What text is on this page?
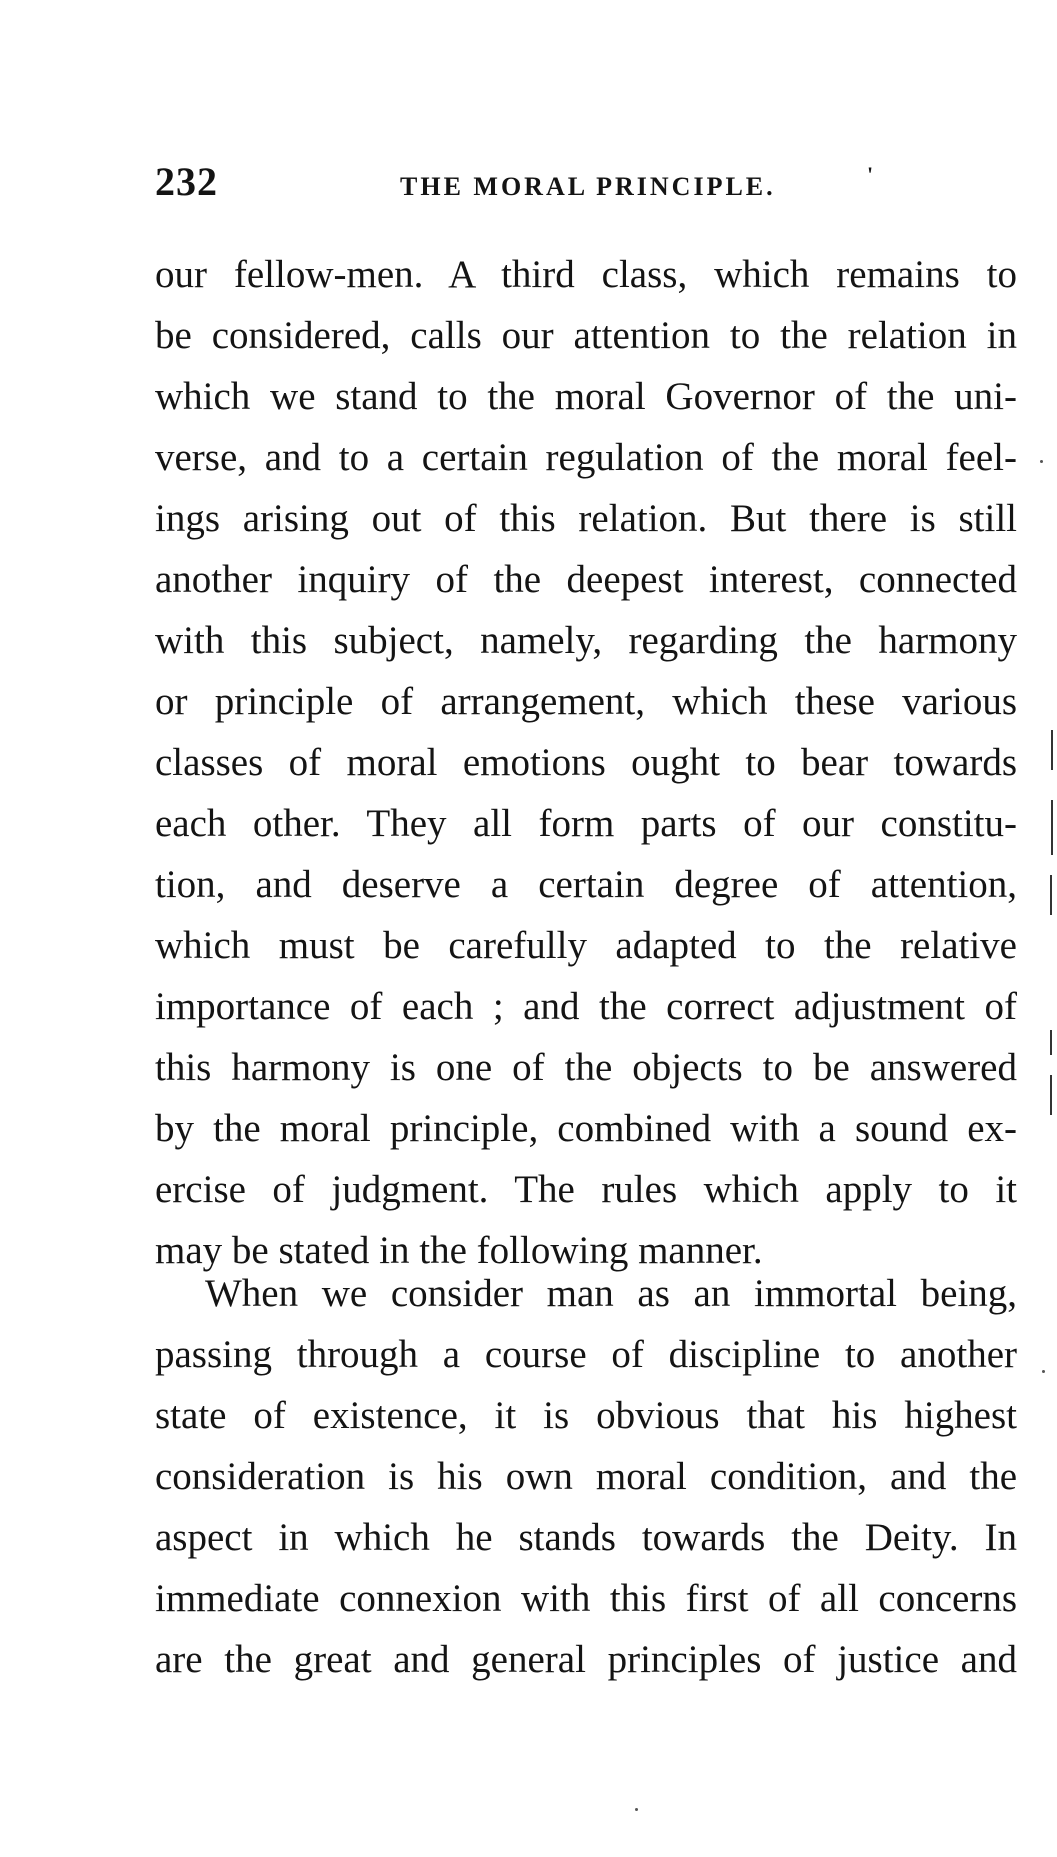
232	THE MORAL PRINCIPLE.	'
our fellow-men. A third class, which remains to
be considered, calls our attention to the relation in
which we stand to the moral Governor of the uni-
verse, and to a certain regulation of the moral feel-
ings arising out of this relation. But there is still
another inquiry of the deepest interest, connected
with this subject, namely, regarding the harmony
or principle of arrangement, which these various
classes of moral emotions ought to bear towards
each other. They all form parts of our constitu-
tion, and deserve a certain degree of attention,
which must be carefully adapted to the relative
importance of each ; and the correct adjustment of
this harmony is one of the objects to be answered
by the moral principle, combined with a sound ex-
ercise of judgment. The rules which apply to it
may be stated in the following manner.
When we consider man as an immortal being,
passing through a course of discipline to another
state of existence, it is obvious that his highest
consideration is his own moral condition, and the
aspect in which he stands towards the Deity. In
immediate connexion with this first of all concerns
are the great and general principles of justice and
